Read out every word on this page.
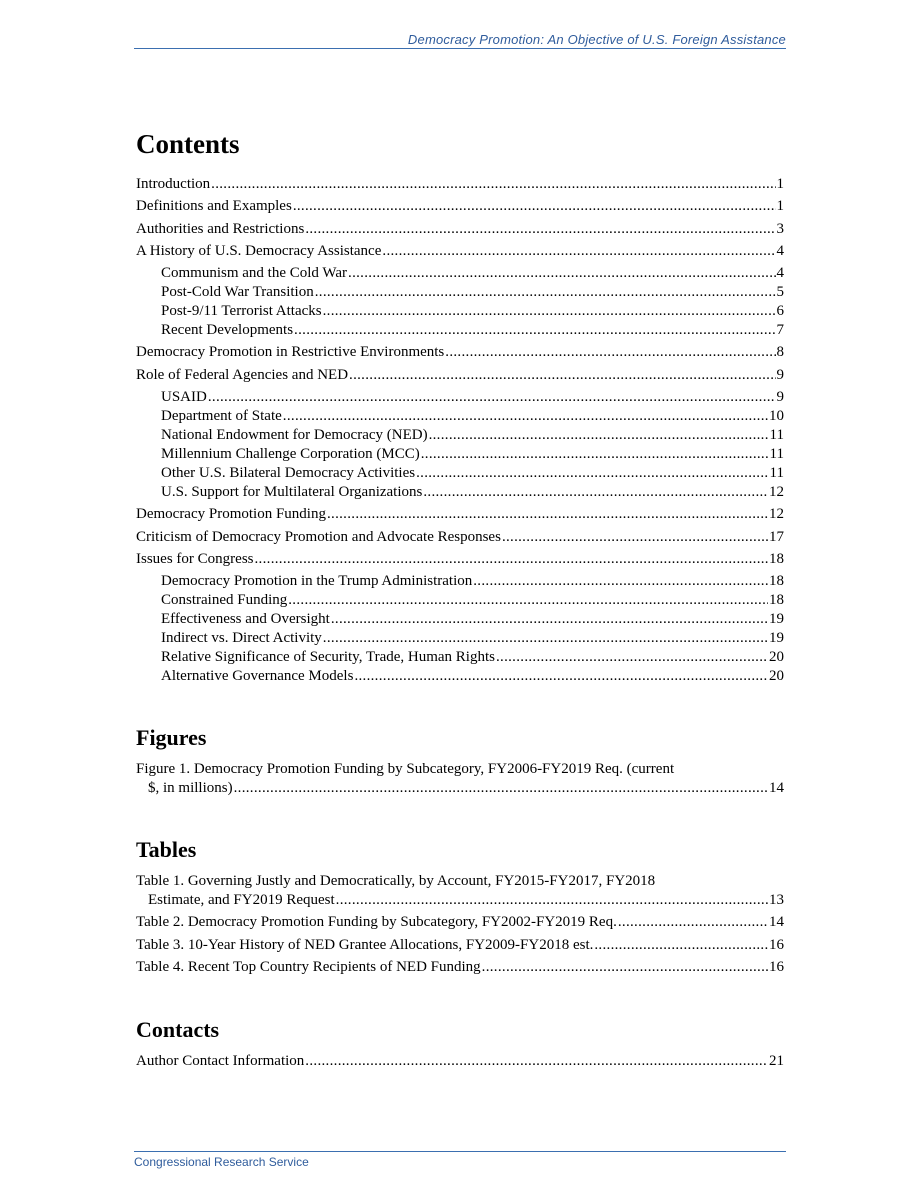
Democracy Promotion: An Objective of U.S. Foreign Assistance
Contents
Introduction .....	1
Definitions and Examples .....	1
Authorities and Restrictions .....	3
A History of U.S. Democracy Assistance .....	4
Communism and the Cold War .....	4
Post-Cold War Transition .....	5
Post-9/11 Terrorist Attacks .....	6
Recent Developments .....	7
Democracy Promotion in Restrictive Environments .....	8
Role of Federal Agencies and NED .....	9
USAID .....	9
Department of State .....	10
National Endowment for Democracy (NED) .....	11
Millennium Challenge Corporation (MCC) .....	11
Other U.S. Bilateral Democracy Activities .....	11
U.S. Support for Multilateral Organizations .....	12
Democracy Promotion Funding .....	12
Criticism of Democracy Promotion and Advocate Responses .....	17
Issues for Congress .....	18
Democracy Promotion in the Trump Administration .....	18
Constrained Funding .....	18
Effectiveness and Oversight .....	19
Indirect vs. Direct Activity .....	19
Relative Significance of Security, Trade, Human Rights .....	20
Alternative Governance Models .....	20
Figures
Figure 1. Democracy Promotion Funding by Subcategory, FY2006-FY2019 Req. (current
$, in millions) .....	14
Tables
Table 1. Governing Justly and Democratically, by Account, FY2015-FY2017, FY2018
Estimate, and FY2019 Request .....	13
Table 2. Democracy Promotion Funding by Subcategory, FY2002-FY2019 Req. .....	14
Table 3. 10-Year History of NED Grantee Allocations, FY2009-FY2018 est. .....	16
Table 4. Recent Top Country Recipients of NED Funding .....	16
Contacts
Author Contact Information .....	21
Congressional Research Service
